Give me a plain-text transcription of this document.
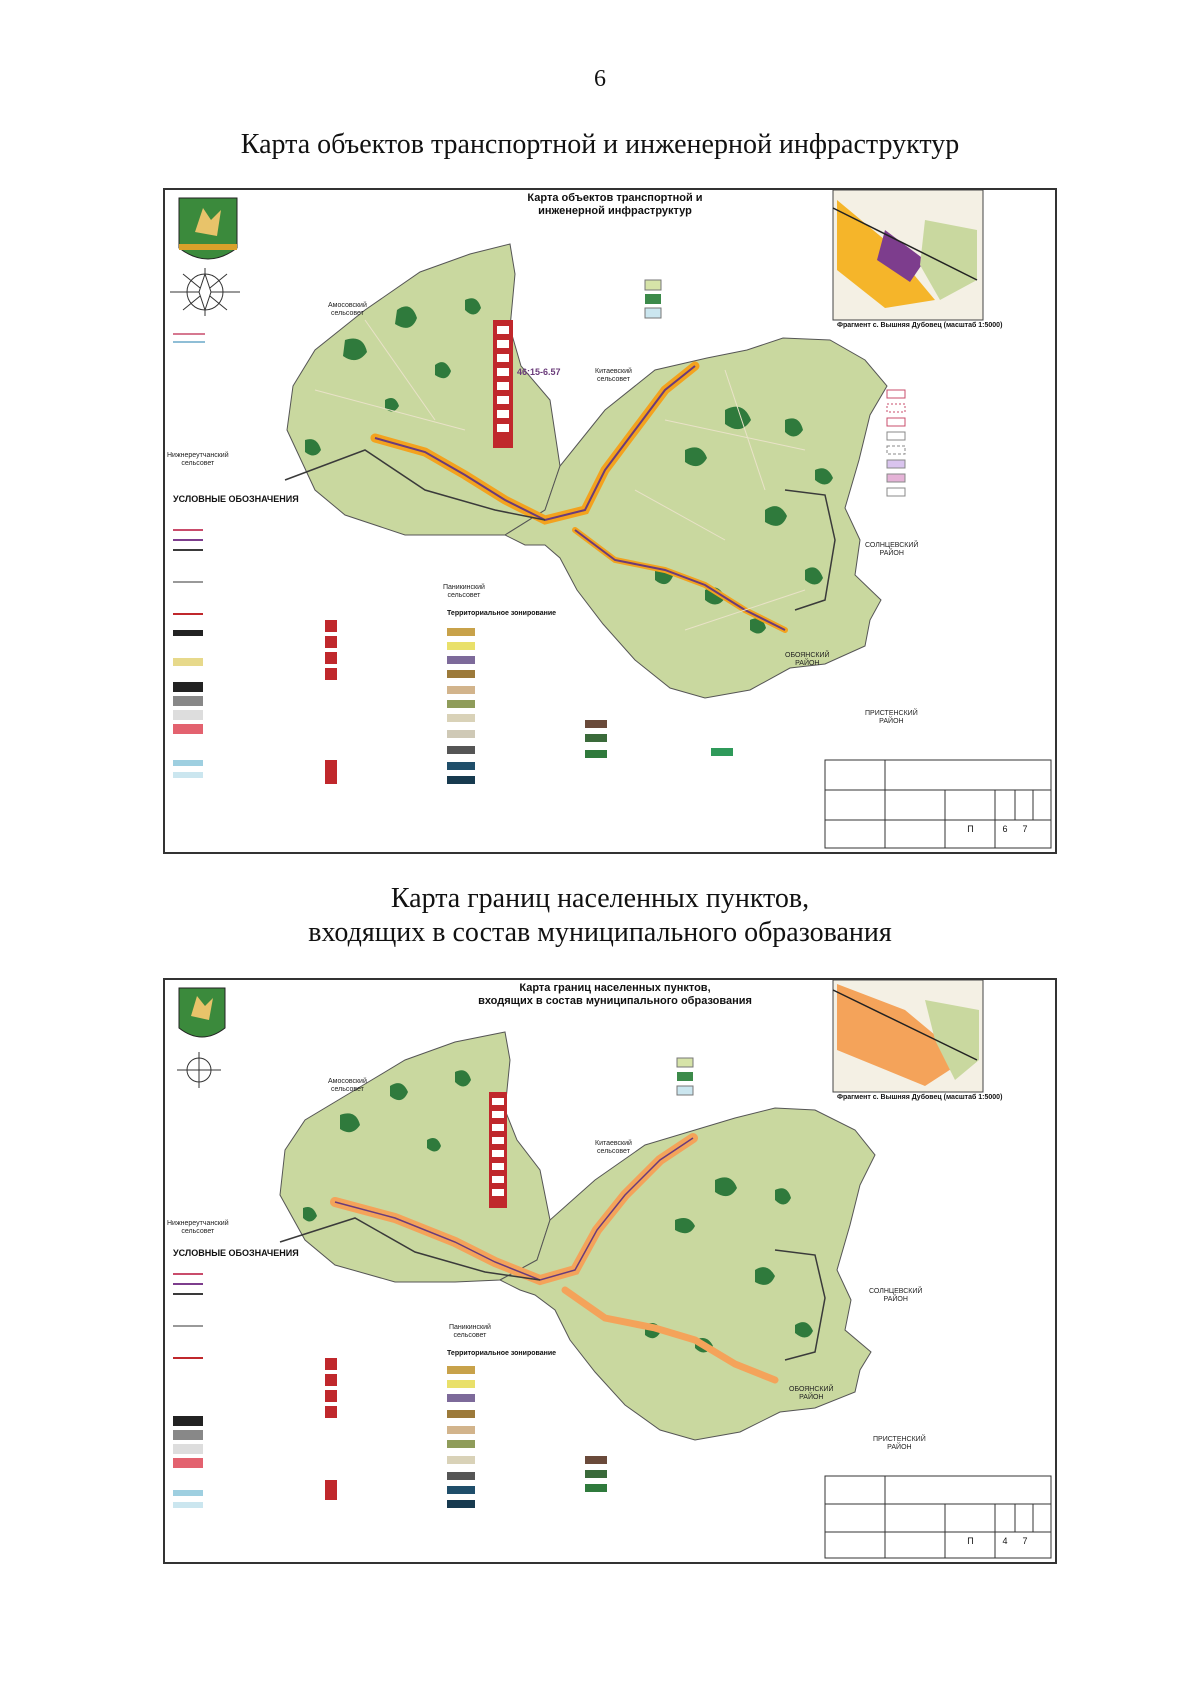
6
Карта объектов транспортной и инженерной инфраструктур
Карта объектов транспортной и
инженерной инфраструктур
Амосовский
сельсовет
Китаевский
сельсовет
Нижнереутчанский
сельсовет
Паникинский
сельсовет
СОЛНЦЕВСКИЙ
РАЙОН
ОБОЯНСКИЙ
РАЙОН
ПРИСТЕНСКИЙ
РАЙОН
46:15-6.57
УСЛОВНЫЕ ОБОЗНАЧЕНИЯ
Территориальное зонирование
Фрагмент с. Вышняя Дубовец (масштаб 1:5000)
П	6	7
Карта границ населенных пунктов,
входящих в состав муниципального образования
Карта границ населенных пунктов,
входящих в состав муниципального образования
Амосовский
сельсовет
Китаевский
сельсовет
Нижнереутчанский
сельсовет
Паникинский
сельсовет
СОЛНЦЕВСКИЙ
РАЙОН
ОБОЯНСКИЙ
РАЙОН
ПРИСТЕНСКИЙ
РАЙОН
УСЛОВНЫЕ ОБОЗНАЧЕНИЯ
Территориальное зонирование
Фрагмент с. Вышняя Дубовец (масштаб 1:5000)
П	4	7
